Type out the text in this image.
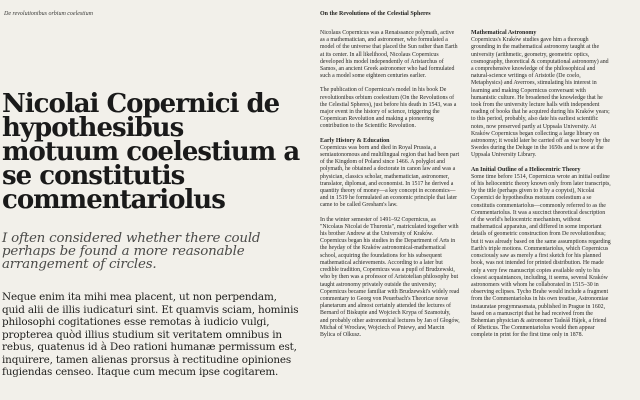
De revolutionibus orbium coelestium	On the Revolutions of the Celestial Spheres
Nicolai Copernici de hypothesibus motuum coelestium a se constitutis commentariolus

I often considered whether there could perhaps be found a more reasonable arrangement of circles.

Neque enim ita mihi mea placent, ut non perpendam, quid alii de illis iudicaturi sint. Et quamvis sciam, hominis philosophi cogitationes esse remotas à iudicio vulgi, propterea quòd illius studium sit veritatem omnibus in rebus, quatenus id à Deo rationi humanæ permissum est, inquirere, tamen alienas prorsus à rectitudine opiniones fugiendas censeo. Itaque cum mecum ipse cogitarem.

Nicolaus Copernicus was a Renaissance polymath, active as a mathematician, and astronomer, who formulated a model of the universe that placed the Sun rather than Earth at its center. In all likelihood, Nicolaus Copernicus developed his model independently of Aristarchus of Samos, an ancient Greek astronomer who had formulated such a model some eighteen centuries earlier.

The publication of Copernicus's model in his book De revolutionibus orbium coelestium (On the Revolutions of the Celestial Spheres), just before his death in 1543, was a major event in the history of science, triggering the Copernican Revolution and making a pioneering contribution to the Scientific Revolution.

Early History & Education

Copernicus was born and died in Royal Prussia, a semiautonomous and multilingual region that had been part of the Kingdom of Poland since 1466. A polyglot and polymath, he obtained a doctorate in canon law and was a physician, classics scholar, mathematician, astronomer, translator, diplomat, and economist. In 1517 he derived a quantity theory of money—a key concept in economics—and in 1519 he formulated an economic principle that later came to be called Gresham's law.

In the winter semester of 1491–92 Copernicus, as "Nicolaus Nicolai de Thuronia", matriculated together with his brother Andrew at the University of Kraków. Copernicus began his studies in the Department of Arts in the heyday of the Kraków astronomical-mathematical school, acquiring the foundations for his subsequent mathematical achievements. According to a later but credible tradition, Copernicus was a pupil of Brudzewski, who by then was a professor of Aristotelian philosophy but taught astronomy privately outside the university; Copernicus became familiar with Brudzewski's widely read commentary to Georg von Peuerbach's Theoricæ novæ planetarum and almost certainly attended the lectures of Bernard of Biskupie and Wojciech Krypa of Szamotuły, and probably other astronomical lectures by Jan of Głogów, Michał of Wrocław, Wojciech of Pniewy, and Marcin Bylica of Olkusz.

Mathematical Astronomy

Copernicus's Kraków studies gave him a thorough grounding in the mathematical astronomy taught at the university (arithmetic, geometry, geometric optics, cosmography, theoretical & computational astronomy) and a comprehensive knowledge of the philosophical and natural-science writings of Aristotle (De coelo, Metaphysics) and Averroes, stimulating his interest in learning and making Copernicus conversant with humanistic culture. He broadened the knowledge that he took from the university lecture halls with independent reading of books that he acquired during his Kraków years; to this period, probably, also date his earliest scientific notes, now preserved partly at Uppsala University. At Kraków Copernicus began collecting a large library on astronomy; it would later be carried off as war booty by the Swedes during the Deluge in the 1650s and is now at the Uppsala University Library.

An Initial Outline of a Heliocentric Theory

Some time before 1514, Copernicus wrote an initial outline of his heliocentric theory known only from later transcripts, by the title (perhaps given to it by a copyist), Nicolai Copernici de hypothesibus motuum coelestium a se constitutis commentariolus—commonly referred to as the Commentariolus. It was a succinct theoretical description of the world's heliocentric mechanism, without mathematical apparatus, and differed in some important details of geometric construction from De revolutionibus; but it was already based on the same assumptions regarding Earth's triple motions. Commentariolus, which Copernicus consciously saw as merely a first sketch for his planned book, was not intended for printed distribution. He made only a very few manuscript copies available only to his closest acquaintances, including, it seems, several Kraków astronomers with whom he collaborated in 1515–30 in observing eclipses. Tycho Brahe would include a fragment from the Commentariolus in his own treatise, Astronomiae instauratae progymnasmata, published in Prague in 1602, based on a manuscript that he had received from the Bohemian physician & astronomer Tadeáš Hájek, a friend of Rheticus. The Commentariolus would then appear complete in print for the first time only in 1878.
